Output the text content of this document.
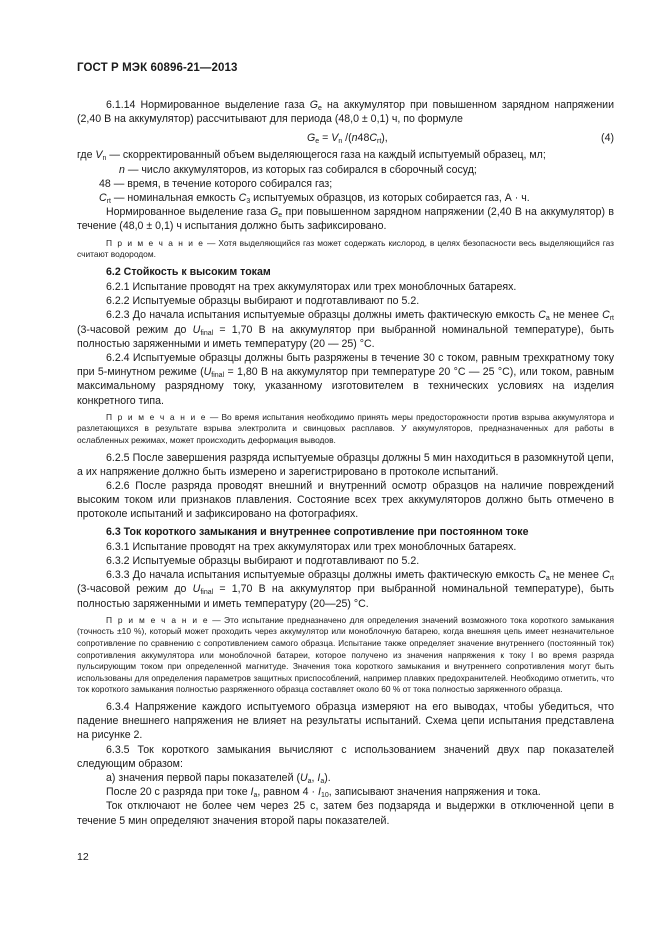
ГОСТ Р МЭК 60896-21—2013

6.1.14 Нормированное выделение газа $G_e$ на аккумулятор при повышенном зарядном напряжении (2,40 В на аккумулятор) рассчитывают для периода (48,0 ± 0,1) ч, по формуле

$G_e = V_n$ $/(n48C_{rt})$,	(4)

где $V_n$ — скорректированный объем выделяющегося газа на каждый испытуемый образец, мл;

n — число аккумуляторов, из которых газ собирался в сборочный сосуд;

48 — время, в течение которого собирался газ;

$C_{rt}$ — номинальная емкость $C_3$ испытуемых образцов, из которых собирается газ, А · ч.

Нормированное выделение газа $G_e$ при повышенном зарядном напряжении (2,40 В на аккумулятор) в течение (48,0 ± 0,1) ч испытания должно быть зафиксировано.

П р и м е ч а н и е — Хотя выделяющийся газ может содержать кислород, в целях безопасности весь выделяющийся газ считают водородом.

6.2 Стойкость к высоким токам

6.2.1 Испытание проводят на трех аккумуляторах или трех моноблочных батареях.

6.2.2 Испытуемые образцы выбирают и подготавливают по 5.2.

6.2.3 До начала испытания испытуемые образцы должны иметь фактическую емкость $C_a$ не менее $C_{rt}$ (3-часовой режим до $U_{final} = 1,70$ В на аккумулятор при выбранной номинальной температуре), быть полностью заряженными и иметь температуру (20 — 25) °С.

6.2.4 Испытуемые образцы должны быть разряжены в течение 30 с током, равным трехкратному току при 5-минутном режиме ($U_{final} = 1,80$ В на аккумулятор при температуре 20 °С — 25 °С), или током, равным максимальному разрядному току, указанному изготовителем в технических условиях на изделия конкретного типа.

П р и м е ч а н и е — Во время испытания необходимо принять меры предосторожности против взрыва аккумулятора и разлетающихся в результате взрыва электролита и свинцовых расплавов. У аккумуляторов, предназначенных для работы в ослабленных режимах, может происходить деформация выводов.

6.2.5 После завершения разряда испытуемые образцы должны 5 мин находиться в разомкнутой цепи, а их напряжение должно быть измерено и зарегистрировано в протоколе испытаний.

6.2.6 После разряда проводят внешний и внутренний осмотр образцов на наличие повреждений высоким током или признаков плавления. Состояние всех трех аккумуляторов должно быть отмечено в протоколе испытаний и зафиксировано на фотографиях.

6.3 Ток короткого замыкания и внутреннее сопротивление при постоянном токе

6.3.1 Испытание проводят на трех аккумуляторах или трех моноблочных батареях.

6.3.2 Испытуемые образцы выбирают и подготавливают по 5.2.

6.3.3 До начала испытания испытуемые образцы должны иметь фактическую емкость $C_a$ не менее $C_{rt}$ (3-часовой режим до $U_{final} = 1,70$ В на аккумулятор при выбранной номинальной температуре), быть полностью заряженными и иметь температуру (20—25) °С.

П р и м е ч а н и е — Это испытание предназначено для определения значений возможного тока короткого замыкания (точность ±10 %), который может проходить через аккумулятор или моноблочную батарею, когда внешняя цепь имеет незначительное сопротивление по сравнению с сопротивлением самого образца. Испытание также определяет значение внутреннего (постоянный ток) сопротивления аккумулятора или моноблочной батареи, которое получено из значения напряжения к току I во время разряда пульсирующим током при определенной магнитуде. Значения тока короткого замыкания и внутреннего сопротивления могут быть использованы для определения параметров защитных приспособлений, например плавких предохранителей. Необходимо отметить, что ток короткого замыкания полностью разряженного образца составляет около 60 % от тока полностью заряженного образца.

6.3.4 Напряжение каждого испытуемого образца измеряют на его выводах, чтобы убедиться, что падение внешнего напряжения не влияет на результаты испытаний. Схема цепи испытания представлена на рисунке 2.

6.3.5 Ток короткого замыкания вычисляют с использованием значений двух пар показателей следующим образом:

а) значения первой пары показателей ($U_a$, $I_a$).

После 20 с разряда при токе $I_a$, равном $4 \cdot I_{10}$, записывают значения напряжения и тока.

Ток отключают не более чем через 25 с, затем без подзаряда и выдержки в отключенной цепи в течение 5 мин определяют значения второй пары показателей.

12
